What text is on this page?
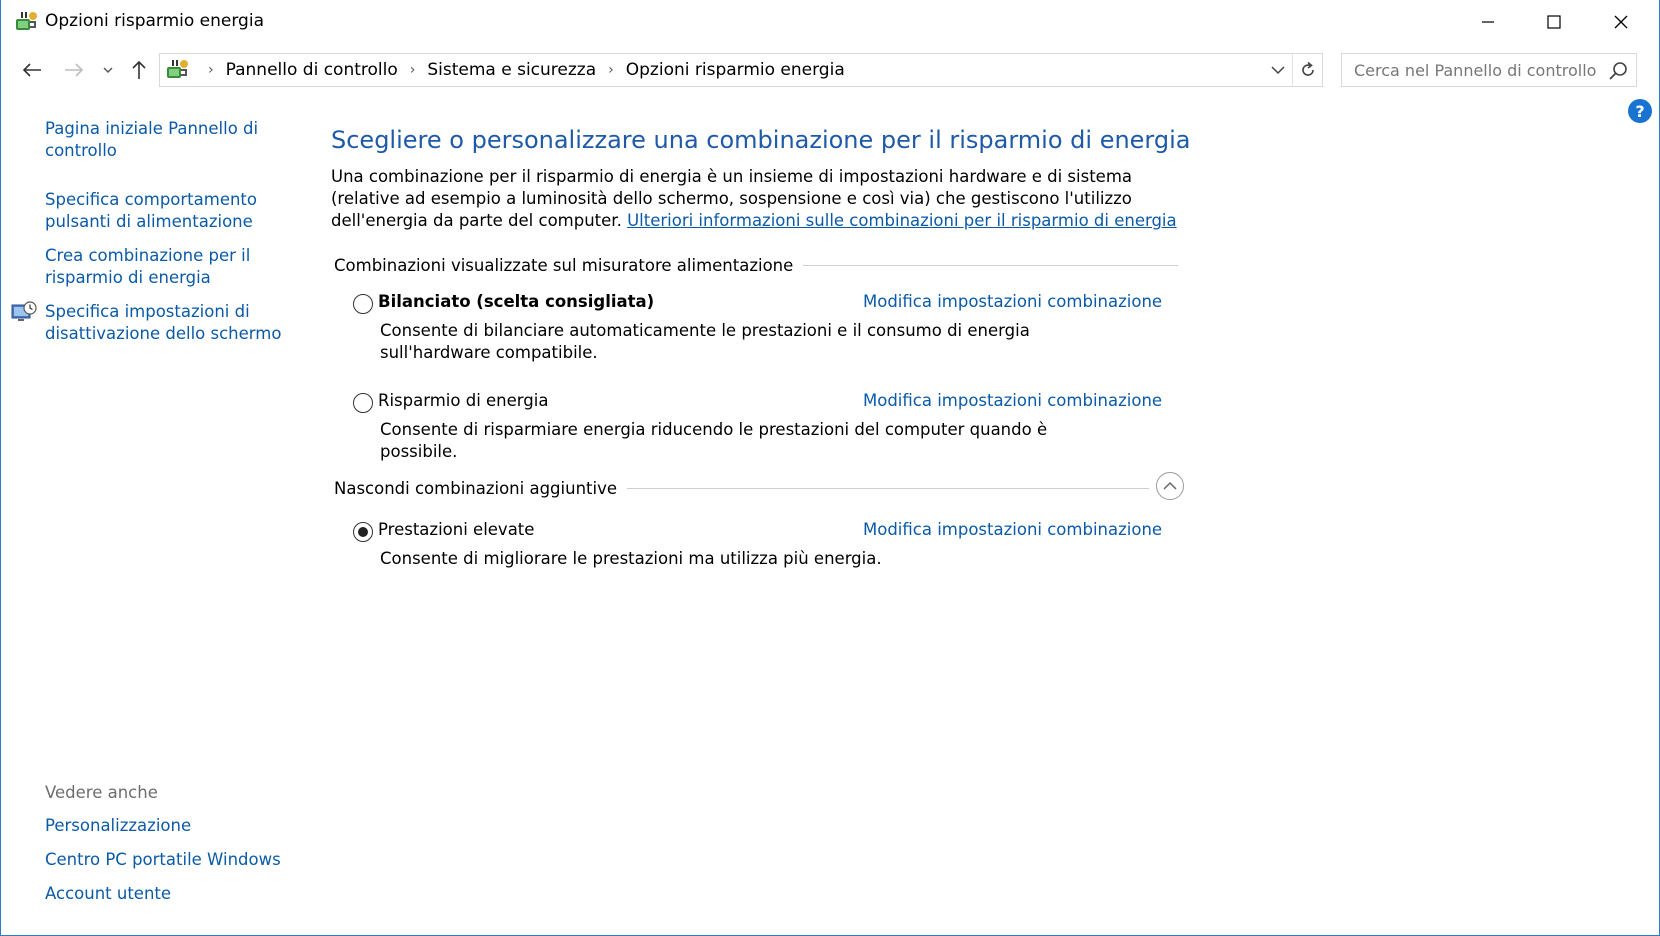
Opzioni risparmio energia
› Pannello di controllo › Sistema e sicurezza › Opzioni risparmio energia
Cerca nel Pannello di controllo
?
Pagina iniziale Pannello di controllo
Specifica comportamento pulsanti di alimentazione
Crea combinazione per il risparmio di energia
Specifica impostazioni di disattivazione dello schermo
Vedere anche
Personalizzazione
Centro PC portatile Windows
Account utente
Scegliere o personalizzare una combinazione per il risparmio di energia

Una combinazione per il risparmio di energia è un insieme di impostazioni hardware e di sistema (relative ad esempio a luminosità dello schermo, sospensione e così via) che gestiscono l'utilizzo dell'energia da parte del computer. Ulteriori informazioni sulle combinazioni per il risparmio di energia

Combinazioni visualizzate sul misuratore alimentazione
Bilanciato (scelta consigliata)	Modifica impostazioni combinazione
Consente di bilanciare automaticamente le prestazioni e il consumo di energia sull'hardware compatibile.
Risparmio di energia	Modifica impostazioni combinazione
Consente di risparmiare energia riducendo le prestazioni del computer quando è possibile.
Nascondi combinazioni aggiuntive
Prestazioni elevate	Modifica impostazioni combinazione
Consente di migliorare le prestazioni ma utilizza più energia.
